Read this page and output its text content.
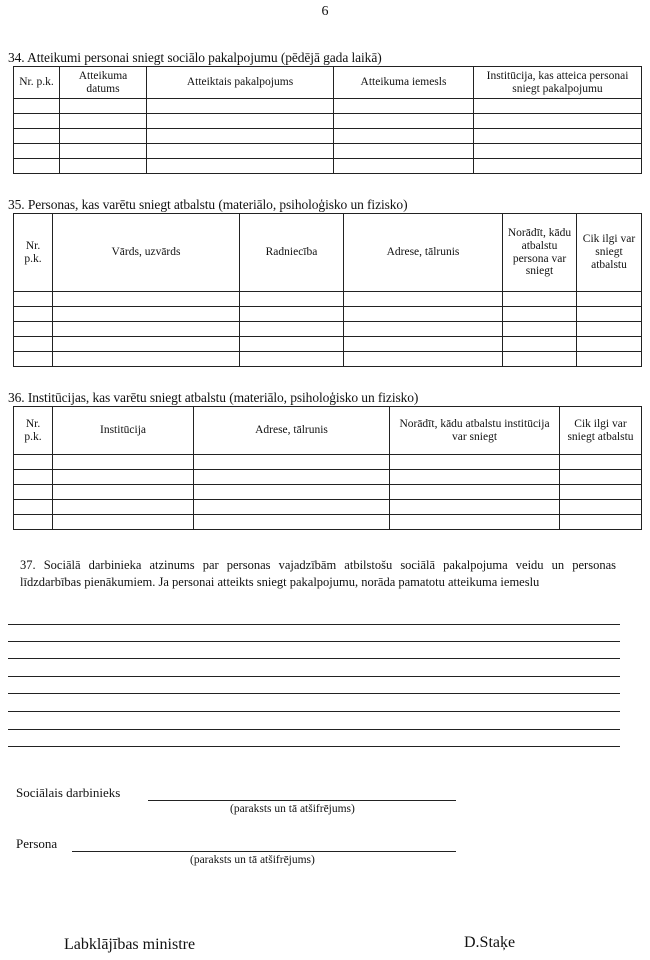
6
34. Atteikumi personai sniegt sociālo pakalpojumu (pēdējā gada laikā)
Nr. p.k.	Atteikuma datums	Atteiktais pakalpojums	Atteikuma iemesls	Institūcija, kas atteica personai sniegt pakalpojumu

35. Personas, kas varētu sniegt atbalstu (materiālo, psiholoģisko un fizisko)
Nr. p.k.	Vārds, uzvārds	Radniecība	Adrese, tālrunis	Norādīt, kādu atbalstu persona var sniegt	Cik ilgi var sniegt atbalstu

36. Institūcijas, kas varētu sniegt atbalstu (materiālo, psiholoģisko un fizisko)
Nr. p.k.	Institūcija	Adrese, tālrunis	Norādīt, kādu atbalstu institūcija var sniegt	Cik ilgi var sniegt atbalstu

37. Sociālā darbinieka atzinums par personas vajadzībām atbilstošu sociālā pakalpojuma veidu un personas līdzdarbības pienākumiem. Ja personai atteikts sniegt pakalpojumu, norāda pamatotu atteikuma iemeslu
Sociālais darbinieks
(paraksts un tā atšifrējums)
Persona
(paraksts un tā atšifrējums)
Labklājības ministre	D.Staķe
